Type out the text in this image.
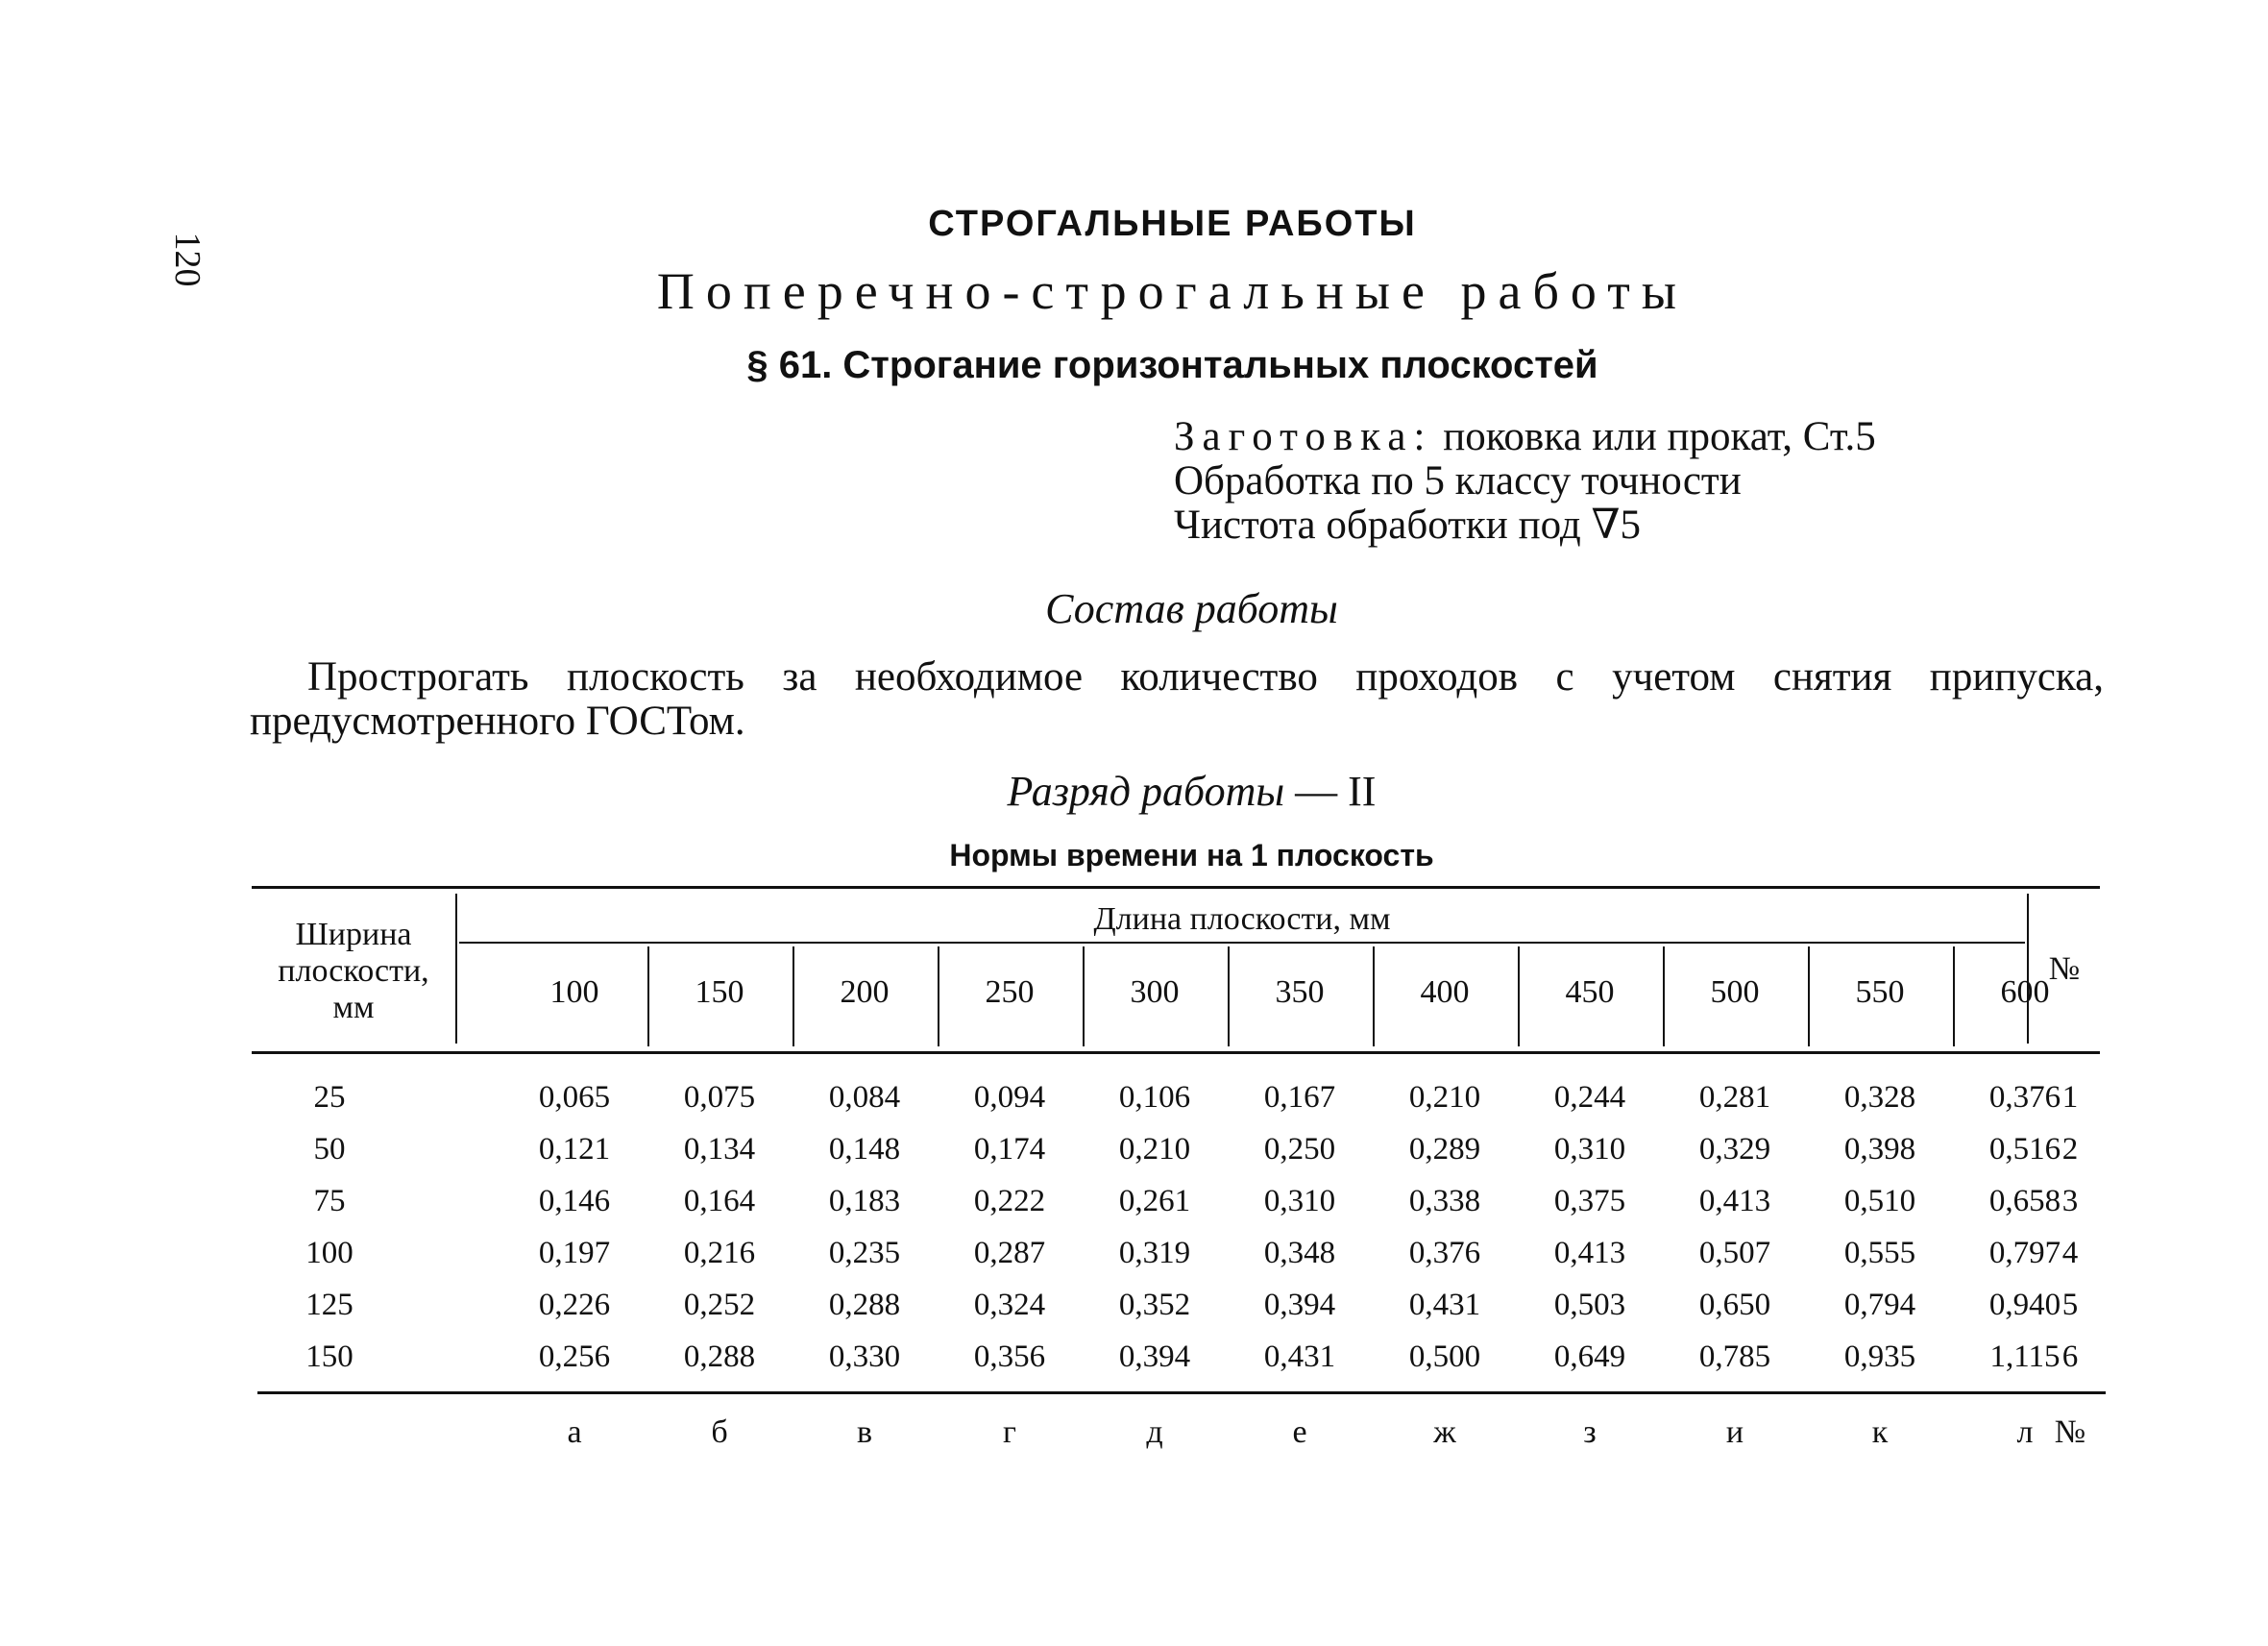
120
СТРОГАЛЬНЫЕ РАБОТЫ
Поперечно-строгальные работы
§ 61. Строгание горизонтальных плоскостей
Заготовка: поковка или прокат, Ст.5
Обработка по 5 классу точности
Чистота обработки под ∇5
Состав работы
Прострогать плоскость за необходимое количество проходов с учетом снятия припуска,
предусмотренного ГОСТом.
Разряд работы — II
Нормы времени на 1 плоскость
Ширина
плоскости,
мм
Длина плоскости, мм
№
100	150	200	250	300	350	400	450	500	550	600
25	0,065	0,075	0,084	0,094	0,106	0,167	0,210	0,244	0,281	0,328	0,376 1
50	0,121	0,134	0,148	0,174	0,210	0,250	0,289	0,310	0,329	0,398	0,516 2
75	0,146	0,164	0,183	0,222	0,261	0,310	0,338	0,375	0,413	0,510	0,658 3
100	0,197	0,216	0,235	0,287	0,319	0,348	0,376	0,413	0,507	0,555	0,797 4
125	0,226	0,252	0,288	0,324	0,352	0,394	0,431	0,503	0,650	0,794	0,940 5
150	0,256	0,288	0,330	0,356	0,394	0,431	0,500	0,649	0,785	0,935	1,115 6
а	б	в	г	д	е	ж	з	и	к	л №
